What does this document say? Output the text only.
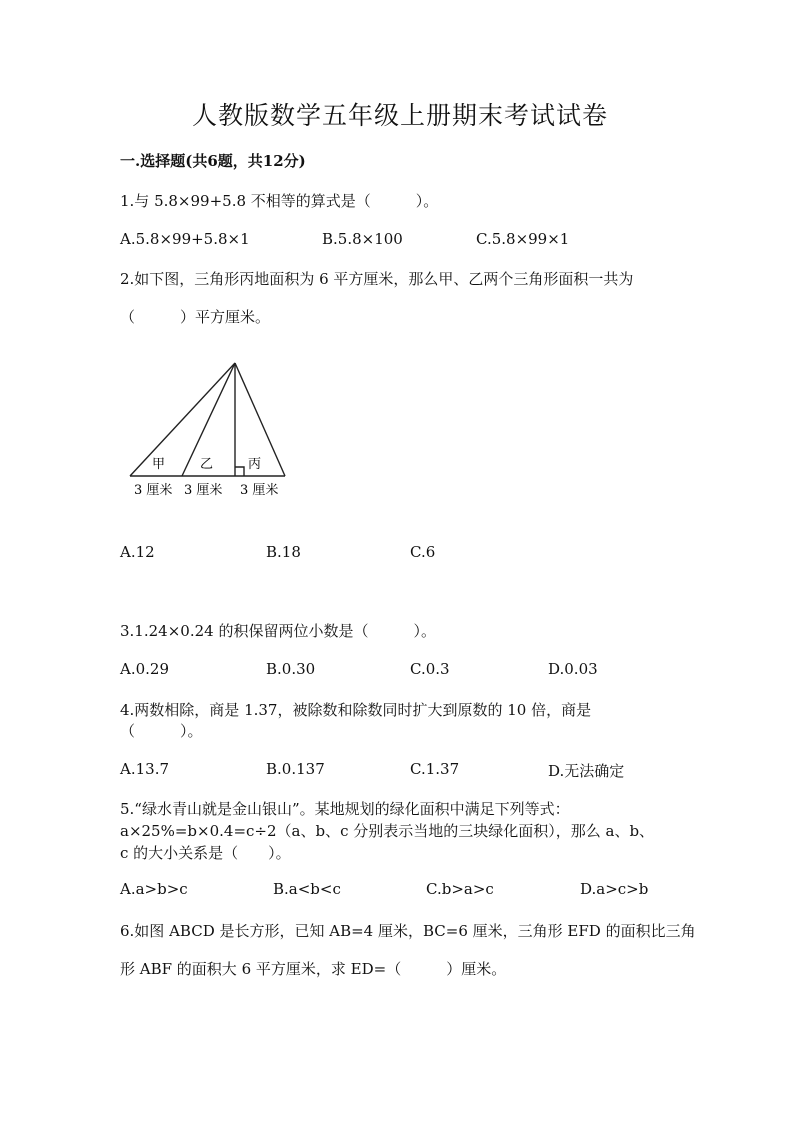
人教版数学五年级上册期末考试试卷
一.选择题(共6题，共12分)
1.与 5.8×99+5.8 不相等的算式是（　　　）。
A.5.8×99+5.8×1	B.5.8×100	C.5.8×99×1
2.如下图，三角形丙地面积为 6 平方厘米，那么甲、乙两个三角形面积一共为
（　　　）平方厘米。
甲	乙	丙
3 厘米 3 厘米 3 厘米
A.12	B.18	C.6
3.1.24×0.24 的积保留两位小数是（　　　）。
A.0.29	B.0.30	C.0.3	D.0.03
4.两数相除，商是 1.37，被除数和除数同时扩大到原数的 10 倍，商是
（　　　）。
A.13.7	B.0.137	C.1.37	D.无法确定
5.“绿水青山就是金山银山”。某地规划的绿化面积中满足下列等式：
a×25%=b×0.4=c÷2（a、b、c 分别表示当地的三块绿化面积），那么 a、b、
c 的大小关系是（　　）。
A.a>b>c	B.a<b<c	C.b>a>c	D.a>c>b
6.如图 ABCD 是长方形，已知 AB=4 厘米，BC=6 厘米，三角形 EFD 的面积比三角
形 ABF 的面积大 6 平方厘米，求 ED=（　　　）厘米。
